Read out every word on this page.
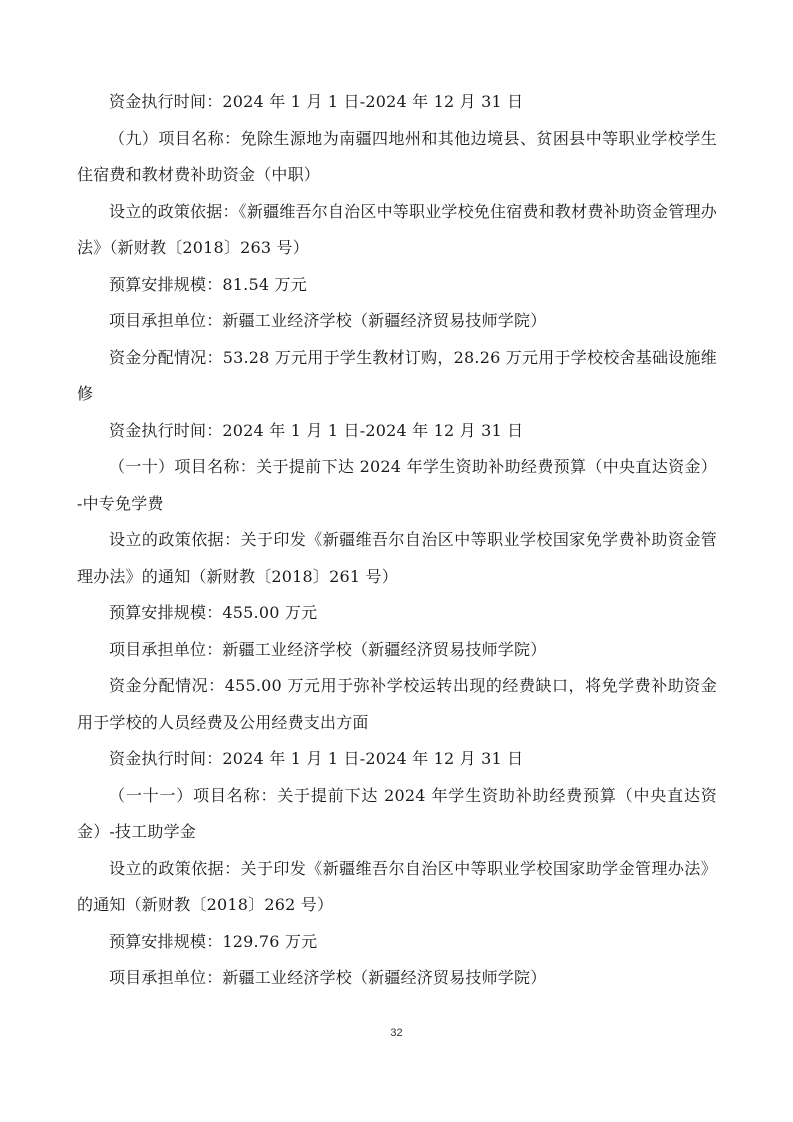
资金执行时间：2024 年 1 月 1 日-2024 年 12 月 31 日

（九）项目名称：免除生源地为南疆四地州和其他边境县、贫困县中等职业学校学生住宿费和教材费补助资金（中职）

设立的政策依据：《新疆维吾尔自治区中等职业学校免住宿费和教材费补助资金管理办法》（新财教〔2018〕263 号）

预算安排规模：81.54 万元

项目承担单位：新疆工业经济学校（新疆经济贸易技师学院）

资金分配情况：53.28 万元用于学生教材订购，28.26 万元用于学校校舍基础设施维修

资金执行时间：2024 年 1 月 1 日-2024 年 12 月 31 日

（一十）项目名称：关于提前下达 2024 年学生资助补助经费预算（中央直达资金）-中专免学费

设立的政策依据：关于印发《新疆维吾尔自治区中等职业学校国家免学费补助资金管理办法》的通知（新财教〔2018〕261 号）

预算安排规模：455.00 万元

项目承担单位：新疆工业经济学校（新疆经济贸易技师学院）

资金分配情况：455.00 万元用于弥补学校运转出现的经费缺口，将免学费补助资金用于学校的人员经费及公用经费支出方面

资金执行时间：2024 年 1 月 1 日-2024 年 12 月 31 日

（一十一）项目名称：关于提前下达 2024 年学生资助补助经费预算（中央直达资金）-技工助学金

设立的政策依据：关于印发《新疆维吾尔自治区中等职业学校国家助学金管理办法》的通知（新财教〔2018〕262 号）

预算安排规模：129.76 万元

项目承担单位：新疆工业经济学校（新疆经济贸易技师学院）

32
